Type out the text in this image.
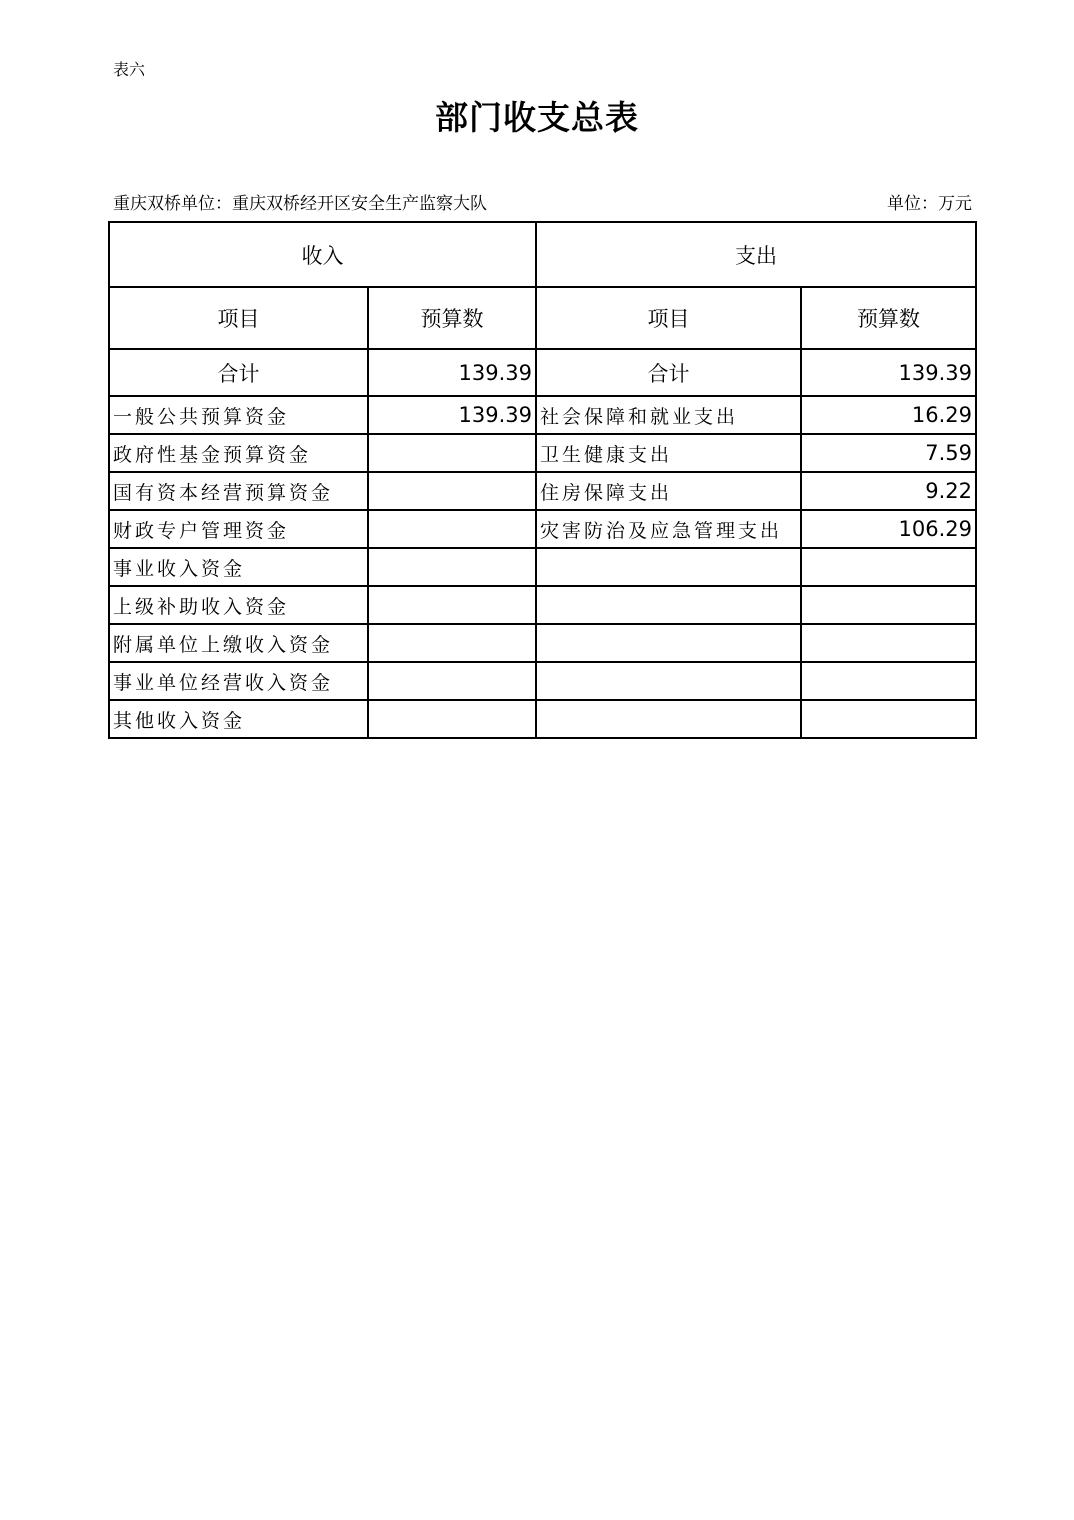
表六
部门收支总表
重庆双桥单位：重庆双桥经开区安全生产监察大队	单位：万元
收入		支出	
项目	预算数	项目	预算数
合计	139.39	合计	139.39
一般公共预算资金	139.39	社会保障和就业支出	16.29
政府性基金预算资金		卫生健康支出	7.59
国有资本经营预算资金		住房保障支出	9.22
财政专户管理资金		灾害防治及应急管理支出	106.29
事业收入资金			
上级补助收入资金			
附属单位上缴收入资金			
事业单位经营收入资金			
其他收入资金			
